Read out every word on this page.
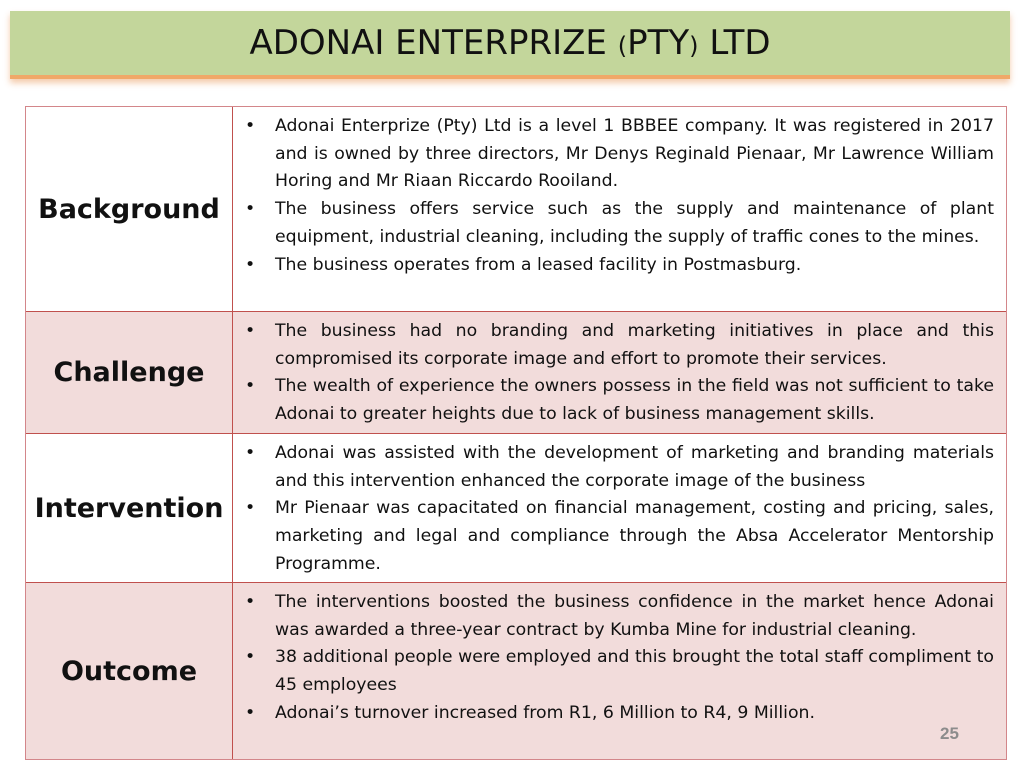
ADONAI ENTERPRIZE (PTY) LTD
Background
• Adonai Enterprize (Pty) Ltd is a level 1 BBBEE company. It was registered in 2017 and is owned by three directors, Mr Denys Reginald Pienaar, Mr Lawrence William Horing and Mr Riaan Riccardo Rooiland.
• The business offers service such as the supply and maintenance of plant equipment, industrial cleaning, including the supply of traffic cones to the mines.
• The business operates from a leased facility in Postmasburg.
Challenge
• The business had no branding and marketing initiatives in place and this compromised its corporate image and effort to promote their services.
• The wealth of experience the owners possess in the field was not sufficient to take Adonai to greater heights due to lack of business management skills.
Intervention
• Adonai was assisted with the development of marketing and branding materials and this intervention enhanced the corporate image of the business
• Mr Pienaar was capacitated on financial management, costing and pricing, sales, marketing and legal and compliance through the Absa Accelerator Mentorship Programme.
Outcome
• The interventions boosted the business confidence in the market hence Adonai was awarded a three-year contract by Kumba Mine for industrial cleaning.
• 38 additional people were employed and this brought the total staff compliment to 45 employees
• Adonai’s turnover increased from R1, 6 Million to R4, 9 Million.
25
